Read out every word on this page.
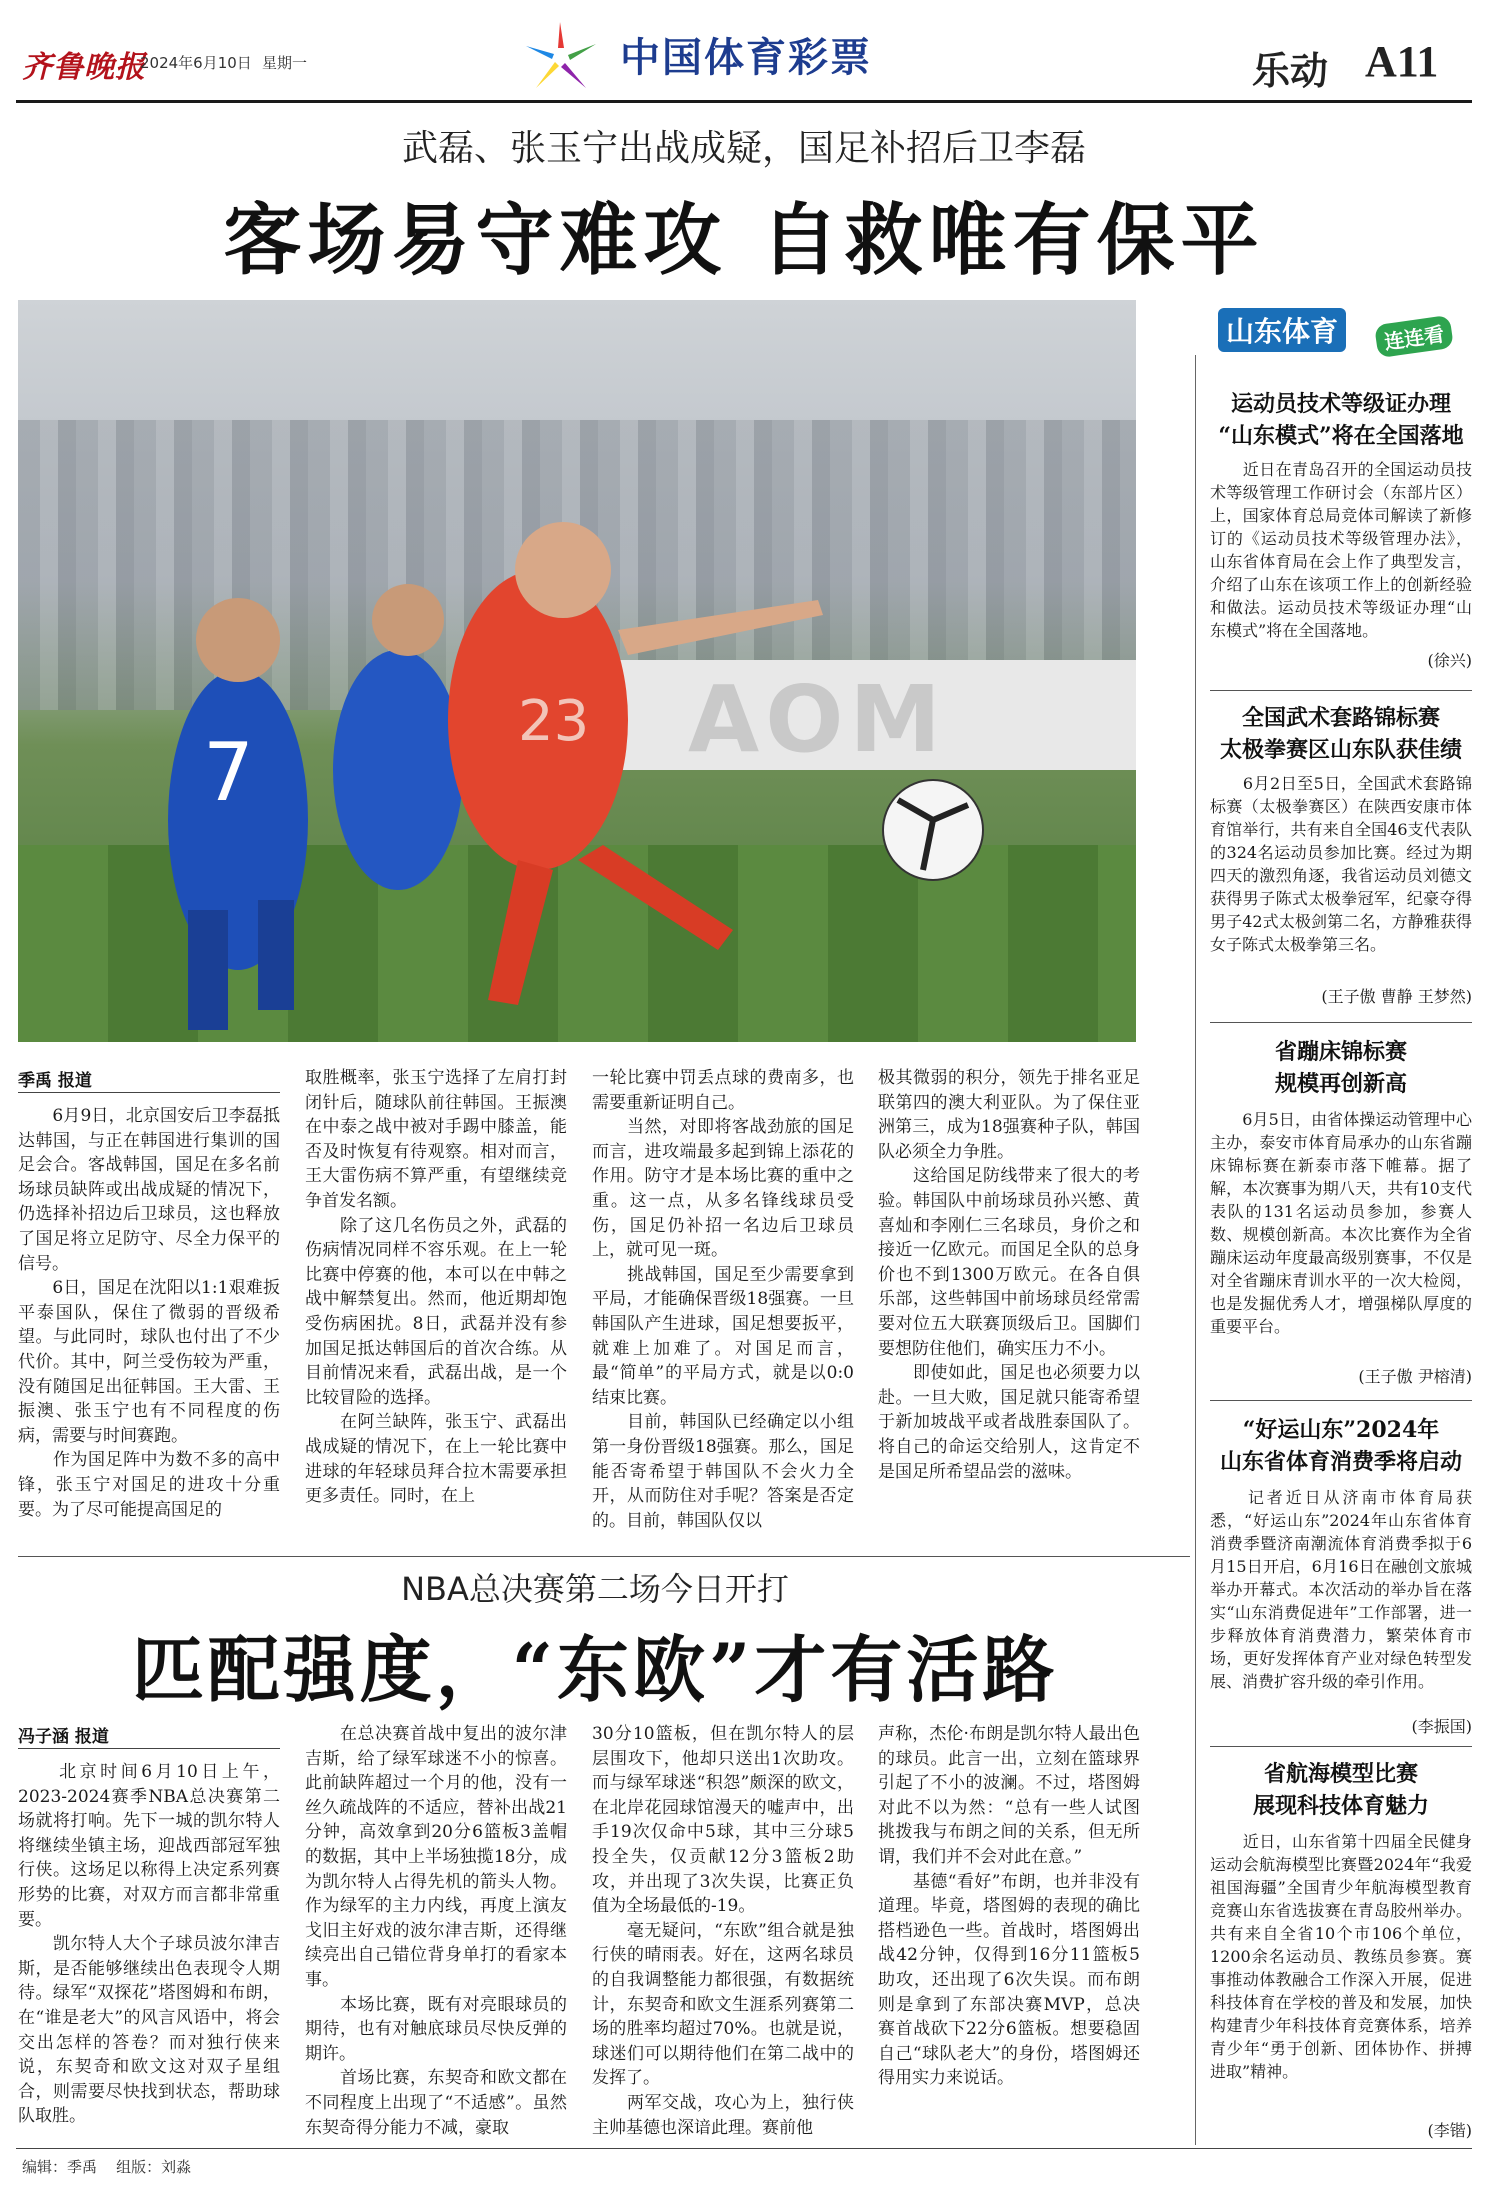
齐鲁晚报
2024年6月10日 星期一	中国体育彩票	乐动 A11
武磊、张玉宁出战成疑，国足补招后卫李磊
客场易守难攻 自救唯有保平
AOM
7
23
季禹 报道
　　6月9日，北京国安后卫李磊抵达韩国，与正在韩国进行集训的国足会合。客战韩国，国足在多名前场球员缺阵或出战成疑的情况下，仍选择补招边后卫球员，这也释放了国足将立足防守、尽全力保平的信号。
　　6日，国足在沈阳以1:1艰难扳平泰国队，保住了微弱的晋级希望。与此同时，球队也付出了不少代价。其中，阿兰受伤较为严重，没有随国足出征韩国。王大雷、王振澳、张玉宁也有不同程度的伤病，需要与时间赛跑。
　　作为国足阵中为数不多的高中锋，张玉宁对国足的进攻十分重要。为了尽可能提高国足的
取胜概率，张玉宁选择了左肩打封闭针后，随球队前往韩国。王振澳在中泰之战中被对手踢中膝盖，能否及时恢复有待观察。相对而言，王大雷伤病不算严重，有望继续竞争首发名额。
　　除了这几名伤员之外，武磊的伤病情况同样不容乐观。在上一轮比赛中停赛的他，本可以在中韩之战中解禁复出。然而，他近期却饱受伤病困扰。8日，武磊并没有参加国足抵达韩国后的首次合练。从目前情况来看，武磊出战，是一个比较冒险的选择。
　　在阿兰缺阵，张玉宁、武磊出战成疑的情况下，在上一轮比赛中进球的年轻球员拜合拉木需要承担更多责任。同时，在上
一轮比赛中罚丢点球的费南多，也需要重新证明自己。
　　当然，对即将客战劲旅的国足而言，进攻端最多起到锦上添花的作用。防守才是本场比赛的重中之重。这一点，从多名锋线球员受伤，国足仍补招一名边后卫球员上，就可见一斑。
　　挑战韩国，国足至少需要拿到平局，才能确保晋级18强赛。一旦韩国队产生进球，国足想要扳平，就难上加难了。对国足而言，最“简单”的平局方式，就是以0:0结束比赛。
　　目前，韩国队已经确定以小组第一身份晋级18强赛。那么，国足能否寄希望于韩国队不会火力全开，从而防住对手呢？答案是否定的。目前，韩国队仅以
极其微弱的积分，领先于排名亚足联第四的澳大利亚队。为了保住亚洲第三，成为18强赛种子队，韩国队必须全力争胜。
　　这给国足防线带来了很大的考验。韩国队中前场球员孙兴慜、黄喜灿和李刚仁三名球员，身价之和接近一亿欧元。而国足全队的总身价也不到1300万欧元。在各自俱乐部，这些韩国中前场球员经常需要对位五大联赛顶级后卫。国脚们要想防住他们，确实压力不小。
　　即使如此，国足也必须要力以赴。一旦大败，国足就只能寄希望于新加坡战平或者战胜泰国队了。将自己的命运交给别人，这肯定不是国足所希望品尝的滋味。
NBA总决赛第二场今日开打
匹配强度，“东欧”才有活路
冯子涵 报道
　　北京时间6月10日上午，2023-2024赛季NBA总决赛第二场就将打响。先下一城的凯尔特人将继续坐镇主场，迎战西部冠军独行侠。这场足以称得上决定系列赛形势的比赛，对双方而言都非常重要。
　　凯尔特人大个子球员波尔津吉斯，是否能够继续出色表现令人期待。绿军“双探花”塔图姆和布朗，在“谁是老大”的风言风语中，将会交出怎样的答卷？而对独行侠来说，东契奇和欧文这对双子星组合，则需要尽快找到状态，帮助球队取胜。
　　在总决赛首战中复出的波尔津吉斯，给了绿军球迷不小的惊喜。此前缺阵超过一个月的他，没有一丝久疏战阵的不适应，替补出战21分钟，高效拿到20分6篮板3盖帽的数据，其中上半场独揽18分，成为凯尔特人占得先机的箭头人物。作为绿军的主力内线，再度上演友戈旧主好戏的波尔津吉斯，还得继续亮出自己错位背身单打的看家本事。
　　本场比赛，既有对亮眼球员的期待，也有对触底球员尽快反弹的期许。
　　首场比赛，东契奇和欧文都在不同程度上出现了“不适感”。虽然东契奇得分能力不减，豪取
30分10篮板，但在凯尔特人的层层围攻下，他却只送出1次助攻。而与绿军球迷“积怨”颇深的欧文，在北岸花园球馆漫天的嘘声中，出手19次仅命中5球，其中三分球5投全失，仅贡献12分3篮板2助攻，并出现了3次失误，比赛正负值为全场最低的-19。
　　毫无疑问，“东欧”组合就是独行侠的晴雨表。好在，这两名球员的自我调整能力都很强，有数据统计，东契奇和欧文生涯系列赛第二场的胜率均超过70%。也就是说，球迷们可以期待他们在第二战中的发挥了。
　　两军交战，攻心为上，独行侠主帅基德也深谙此理。赛前他
声称，杰伦·布朗是凯尔特人最出色的球员。此言一出，立刻在篮球界引起了不小的波澜。不过，塔图姆对此不以为然：“总有一些人试图挑拨我与布朗之间的关系，但无所谓，我们并不会对此在意。”
　　基德“看好”布朗，也并非没有道理。毕竟，塔图姆的表现的确比搭档逊色一些。首战时，塔图姆出战42分钟，仅得到16分11篮板5助攻，还出现了6次失误。而布朗则是拿到了东部决赛MVP，总决赛首战砍下22分6篮板。想要稳固自己“球队老大”的身份，塔图姆还得用实力来说话。
山东体育	连连看
运动员技术等级证办理
“山东模式”将在全国落地
　　近日在青岛召开的全国运动员技术等级管理工作研讨会（东部片区）上，国家体育总局竞体司解读了新修订的《运动员技术等级管理办法》，山东省体育局在会上作了典型发言，介绍了山东在该项工作上的创新经验和做法。运动员技术等级证办理“山东模式”将在全国落地。
(徐兴)
全国武术套路锦标赛
太极拳赛区山东队获佳绩
　　6月2日至5日，全国武术套路锦标赛（太极拳赛区）在陕西安康市体育馆举行，共有来自全国46支代表队的324名运动员参加比赛。经过为期四天的激烈角逐，我省运动员刘德文获得男子陈式太极拳冠军，纪豪夺得男子42式太极剑第二名，方静雅获得女子陈式太极拳第三名。
(王子傲 曹静 王梦然)
省蹦床锦标赛
规模再创新高
　　6月5日，由省体操运动管理中心主办，泰安市体育局承办的山东省蹦床锦标赛在新泰市落下帷幕。据了解，本次赛事为期八天，共有10支代表队的131名运动员参加，参赛人数、规模创新高。本次比赛作为全省蹦床运动年度最高级别赛事，不仅是对全省蹦床青训水平的一次大检阅，也是发掘优秀人才，增强梯队厚度的重要平台。
(王子傲 尹榕清)
“好运山东”2024年
山东省体育消费季将启动
　　记者近日从济南市体育局获悉，“好运山东”2024年山东省体育消费季暨济南潮流体育消费季拟于6月15日开启，6月16日在融创文旅城举办开幕式。本次活动的举办旨在落实“山东消费促进年”工作部署，进一步释放体育消费潜力，繁荣体育市场，更好发挥体育产业对绿色转型发展、消费扩容升级的牵引作用。
(李振国)
省航海模型比赛
展现科技体育魅力
　　近日，山东省第十四届全民健身运动会航海模型比赛暨2024年“我爱祖国海疆”全国青少年航海模型教育竞赛山东省选拔赛在青岛胶州举办。共有来自全省10个市106个单位，1200余名运动员、教练员参赛。赛事推动体教融合工作深入开展，促进科技体育在学校的普及和发展，加快构建青少年科技体育竞赛体系，培养青少年“勇于创新、团体协作、拼搏进取”精神。
(李锴)
编辑：季禹 组版：刘淼
